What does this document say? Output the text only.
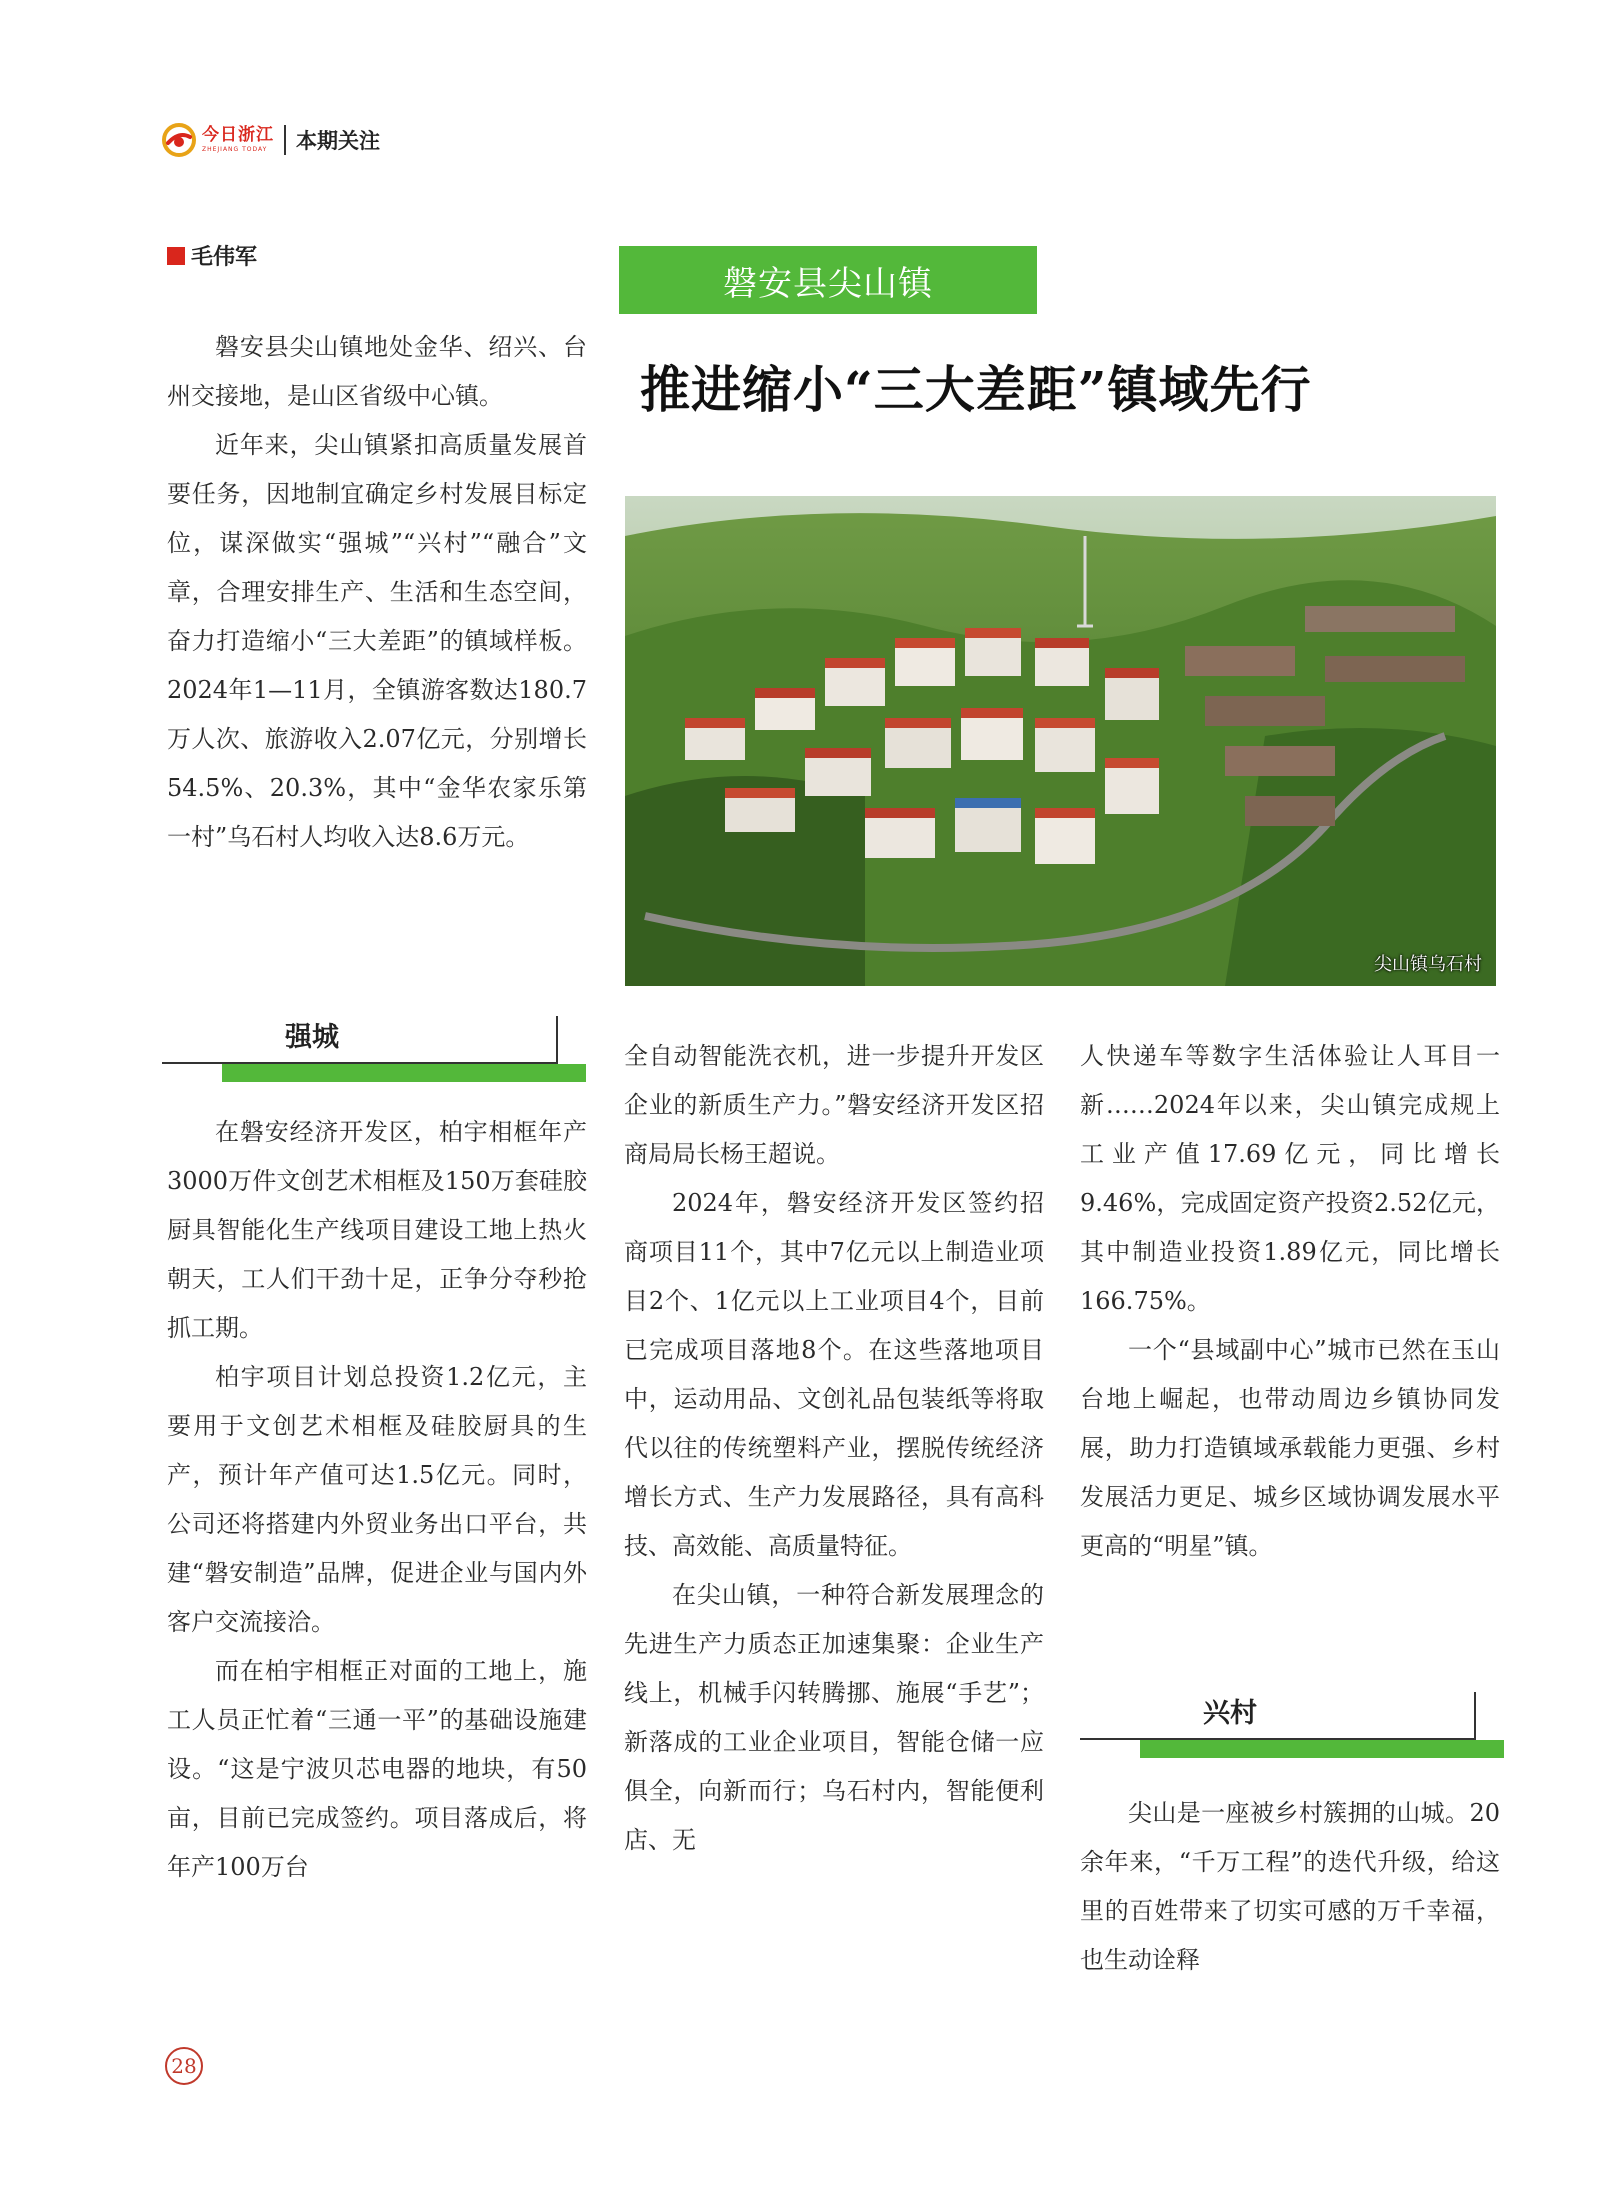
今日浙江
ZHEJIANG TODAY	本期关注
毛伟军
磐安县尖山镇
推进缩小“三大差距”镇域先行
尖山镇乌石村

磐安县尖山镇地处金华、绍兴、台州交接地，是山区省级中心镇。

近年来，尖山镇紧扣高质量发展首要任务，因地制宜确定乡村发展目标定位，谋深做实“强城”“兴村”“融合”文章，合理安排生产、生活和生态空间，奋力打造缩小“三大差距”的镇域样板。2024年1—11月，全镇游客数达180.7万人次、旅游收入2.07亿元，分别增长54.5%、20.3%，其中“金华农家乐第一村”乌石村人均收入达8.6万元。

强城

在磐安经济开发区，柏宇相框年产3000万件文创艺术相框及150万套硅胶厨具智能化生产线项目建设工地上热火朝天，工人们干劲十足，正争分夺秒抢抓工期。

柏宇项目计划总投资1.2亿元，主要用于文创艺术相框及硅胶厨具的生产，预计年产值可达1.5亿元。同时，公司还将搭建内外贸业务出口平台，共建“磐安制造”品牌，促进企业与国内外客户交流接洽。

而在柏宇相框正对面的工地上，施工人员正忙着“三通一平”的基础设施建设。“这是宁波贝芯电器的地块，有50亩，目前已完成签约。项目落成后，将年产100万台

全自动智能洗衣机，进一步提升开发区企业的新质生产力。”磐安经济开发区招商局局长杨王超说。

2024年，磐安经济开发区签约招商项目11个，其中7亿元以上制造业项目2个、1亿元以上工业项目4个，目前已完成项目落地8个。在这些落地项目中，运动用品、文创礼品包装纸等将取代以往的传统塑料产业，摆脱传统经济增长方式、生产力发展路径，具有高科技、高效能、高质量特征。

在尖山镇，一种符合新发展理念的先进生产力质态正加速集聚：企业生产线上，机械手闪转腾挪、施展“手艺”；新落成的工业企业项目，智能仓储一应俱全，向新而行；乌石村内，智能便利店、无

人快递车等数字生活体验让人耳目一新……2024年以来，尖山镇完成规上工业产值17.69亿元，同比增长9.46%，完成固定资产投资2.52亿元，其中制造业投资1.89亿元，同比增长166.75%。

一个“县域副中心”城市已然在玉山台地上崛起，也带动周边乡镇协同发展，助力打造镇域承载能力更强、乡村发展活力更足、城乡区域协调发展水平更高的“明星”镇。

兴村

尖山是一座被乡村簇拥的山城。20余年来，“千万工程”的迭代升级，给这里的百姓带来了切实可感的万千幸福，也生动诠释

28
